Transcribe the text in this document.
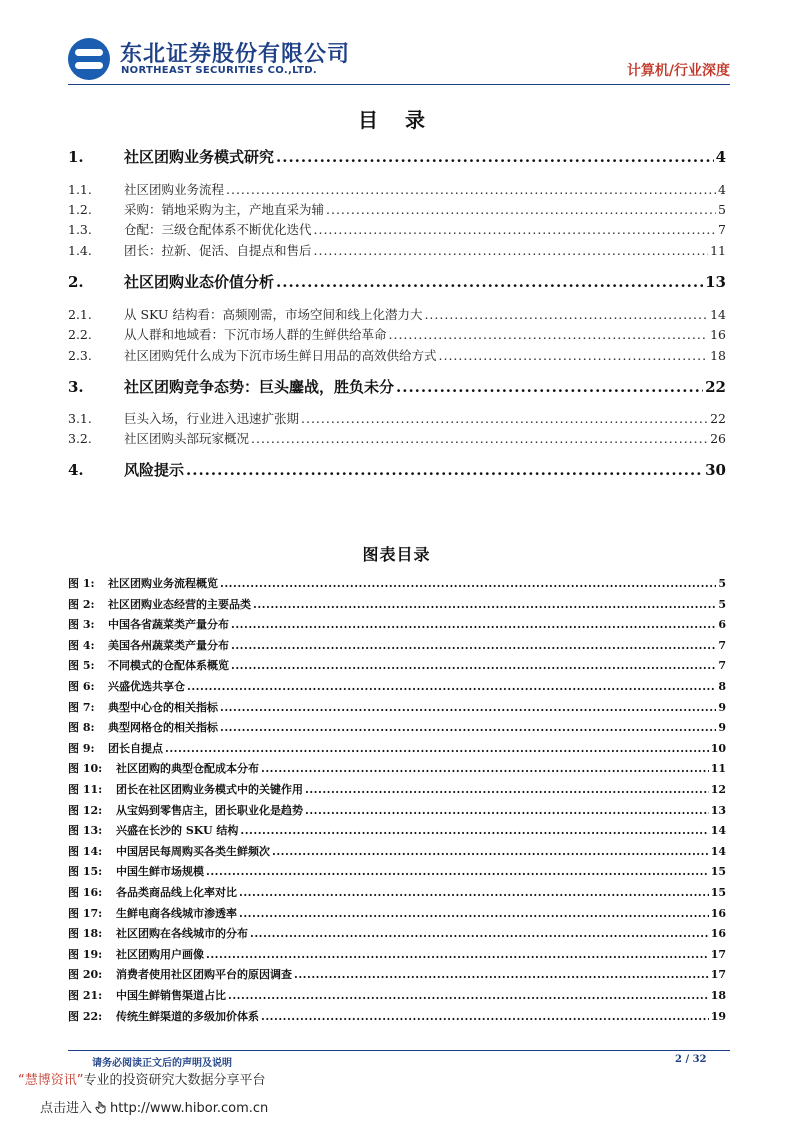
东北证券股份有限公司
NORTHEAST SECURITIES CO.,LTD.	计算机/行业深度
目 录
1.	社区团购业务模式研究 .....	4
1.1.	社区团购业务流程 .....	4
1.2.	采购：销地采购为主，产地直采为辅 .....	5
1.3.	仓配：三级仓配体系不断优化迭代 .....	7
1.4.	团长：拉新、促活、自提点和售后 .....	11
2.	社区团购业态价值分析 .....	13
2.1.	从 SKU 结构看：高频刚需，市场空间和线上化潜力大 .....	14
2.2.	从人群和地域看：下沉市场人群的生鲜供给革命 .....	16
2.3.	社区团购凭什么成为下沉市场生鲜日用品的高效供给方式 .....	18
3.	社区团购竞争态势：巨头鏖战，胜负未分 .....	22
3.1.	巨头入场，行业进入迅速扩张期 .....	22
3.2.	社区团购头部玩家概况 .....	26
4.	风险提示 .....	30
图表目录
图 1:	社区团购业务流程概览 .....	5
图 2:	社区团购业态经营的主要品类 .....	5
图 3:	中国各省蔬菜类产量分布 .....	6
图 4:	美国各州蔬菜类产量分布 .....	7
图 5:	不同模式的仓配体系概览 .....	7
图 6:	兴盛优选共享仓 .....	8
图 7:	典型中心仓的相关指标 .....	9
图 8:	典型网格仓的相关指标 .....	9
图 9:	团长自提点 .....	10
图 10:	社区团购的典型仓配成本分布 .....	11
图 11:	团长在社区团购业务模式中的关键作用 .....	12
图 12:	从宝妈到零售店主，团长职业化是趋势 .....	13
图 13:	兴盛在长沙的 SKU 结构 .....	14
图 14:	中国居民每周购买各类生鲜频次 .....	14
图 15:	中国生鲜市场规模 .....	15
图 16:	各品类商品线上化率对比 .....	15
图 17:	生鲜电商各线城市渗透率 .....	16
图 18:	社区团购在各线城市的分布 .....	16
图 19:	社区团购用户画像 .....	17
图 20:	消费者使用社区团购平台的原因调查 .....	17
图 21:	中国生鲜销售渠道占比 .....	18
图 22:	传统生鲜渠道的多级加价体系 .....	19
请务必阅读正文后的声明及说明	2 / 32
“慧博资讯”专业的投资研究大数据分享平台
点击进入 http://www.hibor.com.cn
